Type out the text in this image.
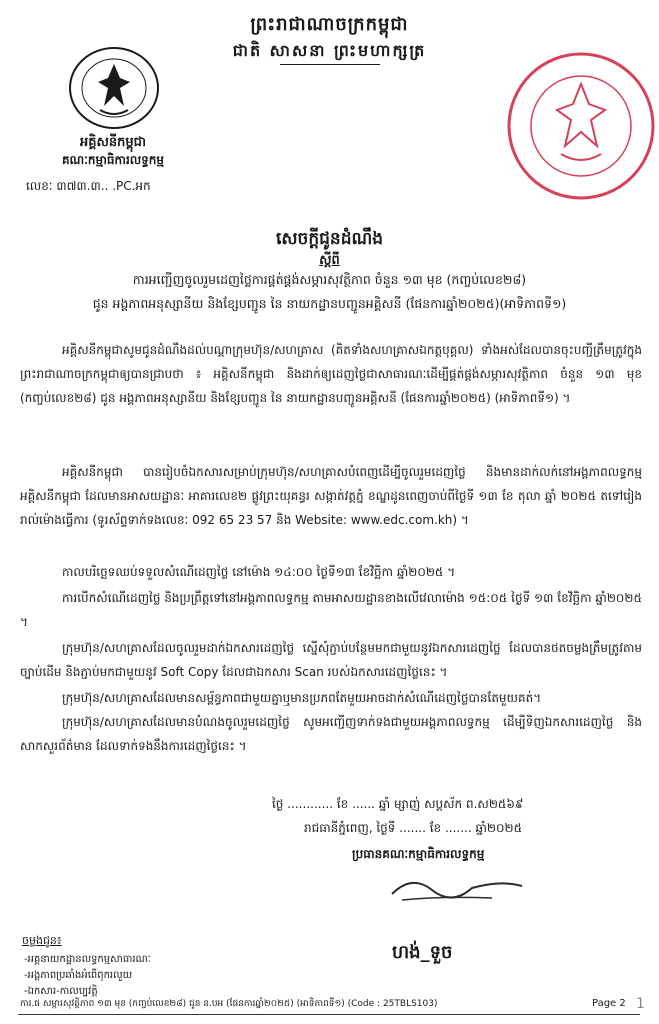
ព្រះរាជាណាចក្រកម្ពុជា
ជាតិ សាសនា ព្រះមហាក្សត្រ
អគ្គិសនីកម្ពុជា
គណៈកម្មាធិការលទ្ធកម្ម
លេខៈ ៣៧៣.៣.. .PC.អក
សេចក្តីជូនដំណឹង
ស្តីពី
ការអញ្ជើញចូលរួមដេញថ្លៃការផ្គត់ផ្គង់សម្ភារសុវត្ថិភាព ចំនួន ១៣ មុខ (កញ្ចប់លេខ២៨)
ជូន អង្គភាពអនុស្សានីយ និងខ្សែបញ្ជូន នៃ នាយកដ្ឋានបញ្ជូនអគ្គិសនី (ផែនការឆ្នាំ២០២៥)(អាទិភាពទី១)
អគ្គិសនីកម្ពុជាសូមជូនដំណឹងដល់បណ្តាក្រុមហ៊ុន/សហគ្រាស (គិតទាំងសហគ្រាសឯកត្តបុគ្គល) ទាំងអស់ដែលបានចុះបញ្ជីត្រឹមត្រូវក្នុងព្រះរាជាណាចក្រកម្ពុជាឲ្យបានជ្រាបថា ៖ អគ្គិសនីកម្ពុជា និងដាក់ឲ្យដេញថ្លៃជាសាធារណៈដើម្បីផ្គត់ផ្គង់សម្ភារសុវត្ថិភាព ចំនួន ១៣ មុខ (កញ្ចប់លេខ២៨) ជូន អង្គភាពអនុស្សានីយ និងខ្សែបញ្ជូន នៃ នាយកដ្ឋានបញ្ជូនអគ្គិសនី (ផែនការឆ្នាំ២០២៥) (អាទិភាពទី១) ។
អគ្គិសនីកម្ពុជា បានរៀបចំឯកសារសម្រាប់ក្រុមហ៊ុន/សហគ្រាសបំពេញដើម្បីចូលរួមដេញថ្លៃ និងមានដាក់លក់នៅអង្គភាពលទ្ធកម្មអគ្គិសនីកម្ពុជា ដែលមានអាសយដ្ឋានៈ អាគារលេខ២ ផ្លូវព្រះយុគន្ធរ សង្កាត់វត្តភ្នំ ខណ្ឌដូនពេញចាប់ពីថ្ងៃទី ១៣ ខែ តុលា ឆ្នាំ ២០២៥ តទៅរៀងរាល់ម៉ោងធ្វើការ (ទូរស័ព្ទទាក់ទងលេខៈ 092 65 23 57 និង Website: www.edc.com.kh) ។
កាលបរិច្ឆេទឈប់ទទួលសំណើដេញថ្លៃ នៅម៉ោង ១៤:០០ ថ្ងៃទី១៣ ខែវិច្ឆិកា ឆ្នាំ២០២៥ ។
ការបើកសំណើដេញថ្លៃ និងប្រព្រឹត្តទៅនៅអង្គភាពលទ្ធកម្ម តាមអាសយដ្ឋានខាងលើវេលាម៉ោង ១៥:០៥ ថ្ងៃទី ១៣ ខែវិច្ឆិកា ឆ្នាំ២០២៥ ។
ក្រុមហ៊ុន/សហគ្រាសដែលចូលរួមដាក់ឯកសារដេញថ្លៃ ស្នើសុំភ្ជាប់បន្ថែមមកជាមួយនូវឯកសារដេញថ្លៃ ដែលបានថតចម្លងត្រឹមត្រូវតាមច្បាប់ដើម និងភ្ជាប់មកជាមួយនូវ Soft Copy ដែលជាឯកសារ Scan របស់ឯកសារដេញថ្លៃនេះ ។
ក្រុមហ៊ុន/សហគ្រាសដែលមានសម្ព័ន្ធភាពជាមួយគ្នាឬមានប្រភពតែមួយអាចដាក់សំណើដេញថ្លៃបានតែមួយគត់។
ក្រុមហ៊ុន/សហគ្រាសដែលមានបំណងចូលរួមដេញថ្លៃ សូមអញ្ជើញទាក់ទងជាមួយអង្គភាពលទ្ធកម្ម ដើម្បីទិញឯកសារដេញថ្លៃ និងសាកសួរព័ត៌មាន ដែលទាក់ទងនឹងការដេញថ្លៃនេះ ។
ថ្ងៃ ............ ខែ ...... ឆ្នាំ ម្សាញ់ សប្តស័ក ព.ស២៥៦៩
រាជធានីភ្នំពេញ, ថ្ងៃទី ....... ខែ ....... ឆ្នាំ២០២៥
ប្រធានគណៈកម្មាធិការលទ្ធកម្ម
ហង់_ទួច
ចម្លងជូន៖
-អគ្គនាយកដ្ឋានលទ្ធកម្មសាធារណៈ
-អង្គភាពប្រឆាំងអំពើពុករលួយ
-ឯកសារ-កាលប្បវត្តិ
ការ.ផ សម្ភារសុវត្ថិភាព ១៣ មុខ (កញ្ចប់លេខ២៨) ជូន ន.បអ (ផែនការឆ្នាំ២០២៥) (អាទិភាពទី១) (Code : 25TBLS103)	Page 2 1
